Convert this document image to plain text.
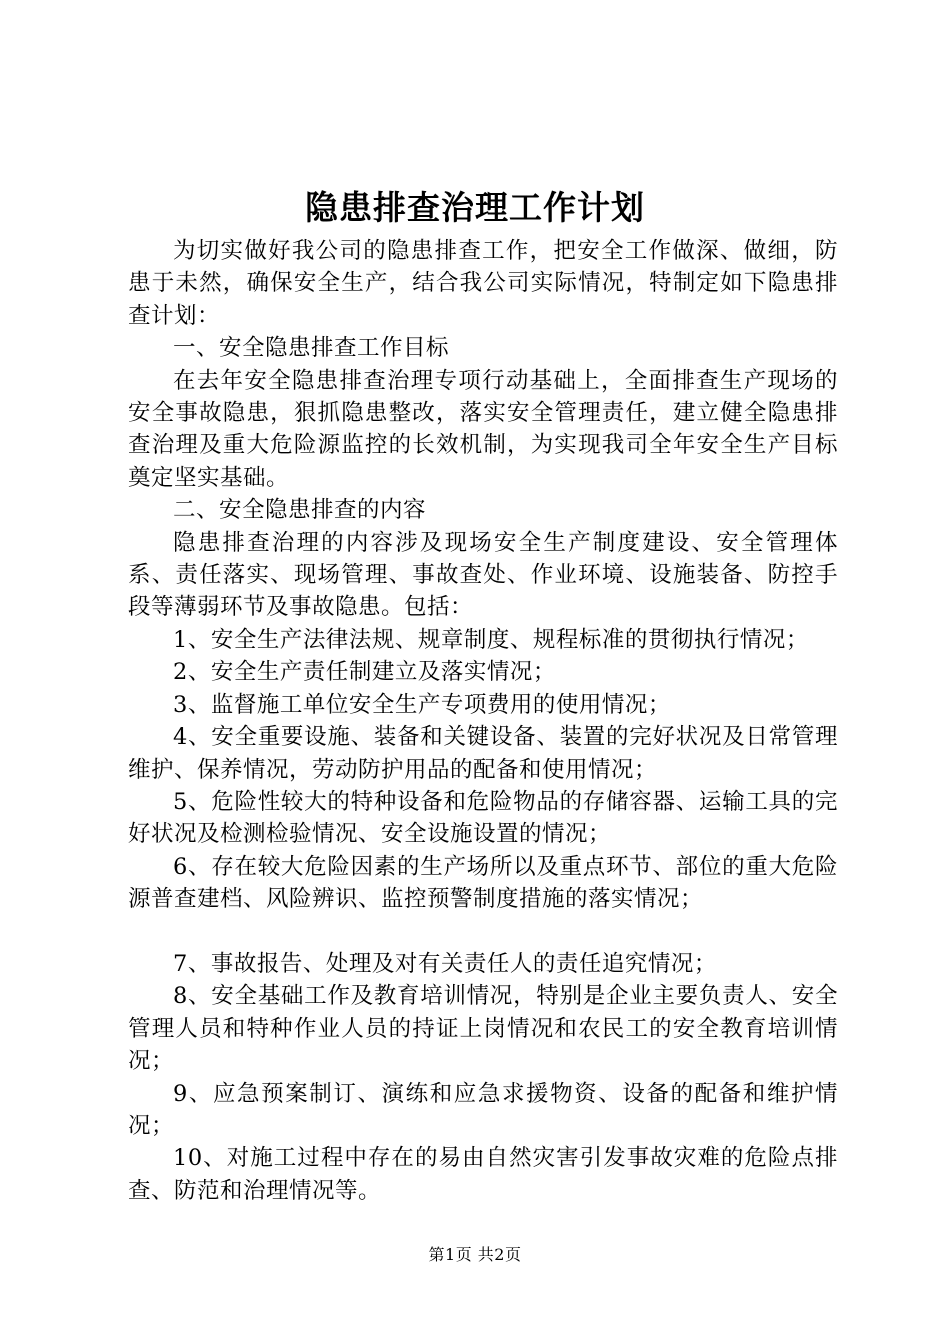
隐患排查治理工作计划

为切实做好我公司的隐患排查工作，把安全工作做深、做细，防患于未然，确保安全生产，结合我公司实际情况，特制定如下隐患排查计划：

一、安全隐患排查工作目标

在去年安全隐患排查治理专项行动基础上，全面排查生产现场的安全事故隐患，狠抓隐患整改，落实安全管理责任，建立健全隐患排查治理及重大危险源监控的长效机制，为实现我司全年安全生产目标奠定坚实基础。

二、安全隐患排查的内容

隐患排查治理的内容涉及现场安全生产制度建设、安全管理体系、责任落实、现场管理、事故查处、作业环境、设施装备、防控手段等薄弱环节及事故隐患。包括：

1、安全生产法律法规、规章制度、规程标准的贯彻执行情况；

2、安全生产责任制建立及落实情况；

3、监督施工单位安全生产专项费用的使用情况；

4、安全重要设施、装备和关键设备、装置的完好状况及日常管理维护、保养情况，劳动防护用品的配备和使用情况；

5、危险性较大的特种设备和危险物品的存储容器、运输工具的完好状况及检测检验情况、安全设施设置的情况；

6、存在较大危险因素的生产场所以及重点环节、部位的重大危险源普查建档、风险辨识、监控预警制度措施的落实情况；

7、事故报告、处理及对有关责任人的责任追究情况；

8、安全基础工作及教育培训情况，特别是企业主要负责人、安全管理人员和特种作业人员的持证上岗情况和农民工的安全教育培训情况；

9、应急预案制订、演练和应急求援物资、设备的配备和维护情况；

10、对施工过程中存在的易由自然灾害引发事故灾难的危险点排查、防范和治理情况等。

第1页 共2页
